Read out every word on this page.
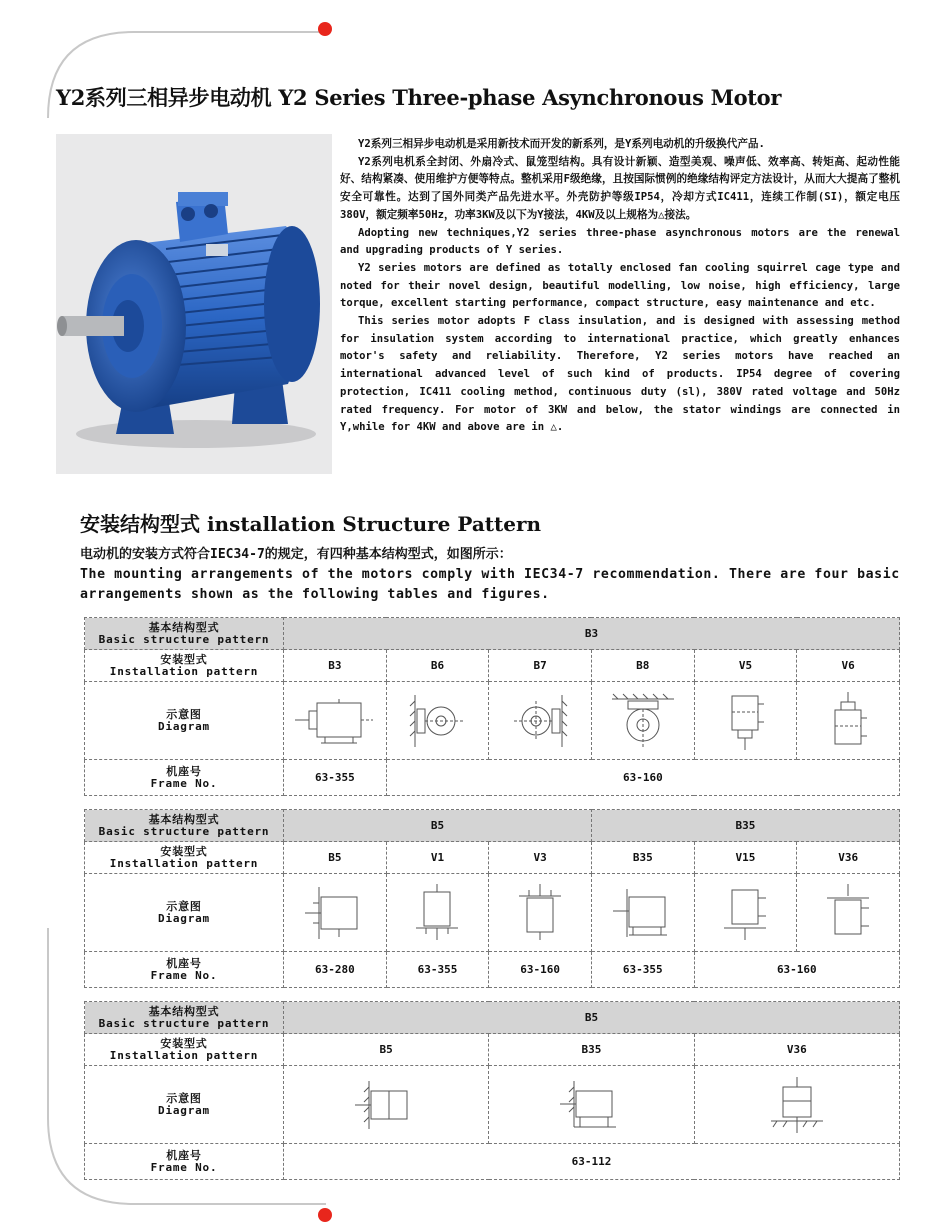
Y2系列三相异步电动机 Y2 Series Three-phase Asynchronous Motor

Y2系列三相异步电动机是采用新技术而开发的新系列，是Y系列电动机的升级换代产品.

Y2系列电机系全封闭、外扇冷式、鼠笼型结构。具有设计新颖、造型美观、噪声低、效率高、转矩高、起动性能好、结构紧凑、使用维护方便等特点。整机采用F级绝缘，且按国际惯例的绝缘结构评定方法设计，从而大大提高了整机安全可靠性。达到了国外同类产品先进水平。外壳防护等级IP54，冷却方式IC411，连续工作制(SI)，额定电压380V，额定频率50Hz，功率3KW及以下为Y接法，4KW及以上规格为△接法。

Adopting new techniques,Y2 series three-phase asynchronous motors are the renewal and upgrading products of Y series.

Y2 series motors are defined as totally enclosed fan cooling squirrel cage type and noted for their novel design, beautiful modelling, low noise, high efficiency, large torque, excellent starting performance, compact structure, easy maintenance and etc.

This series motor adopts F class insulation, and is designed with assessing method for insulation system according to international practice, which greatly enhances motor's safety and reliability. Therefore, Y2 series motors have reached an international advanced level of such kind of products. IP54 degree of covering protection, IC411 cooling method, continuous duty (sl), 380V rated voltage and 50Hz rated frequency. For motor of 3KW and below, the stator windings are connected in Y,while for 4KW and above are in △.

安装结构型式 installation Structure Pattern
电动机的安装方式符合IEC34-7的规定，有四种基本结构型式，如图所示：
The mounting arrangements of the motors comply with IEC34-7 recommendation. There are four basic arrangements shown as the following tables and figures.
基本结构型式
Basic structure pattern	B3					

安装型式
Installation pattern	B3	B6	B7	B8	V5	V6

示意图
Diagram

机座号
Frame No.	63-355	63-160				
基本结构型式
Basic structure pattern	B5			B35		

安装型式
Installation pattern	B5	V1	V3	B35	V15	V36

示意图
Diagram

机座号
Frame No.	63-280	63-355	63-160	63-355	63-160	
基本结构型式
Basic structure pattern	B5		

安装型式
Installation pattern	B5	B35	V36

示意图
Diagram

机座号
Frame No.	63-112		
